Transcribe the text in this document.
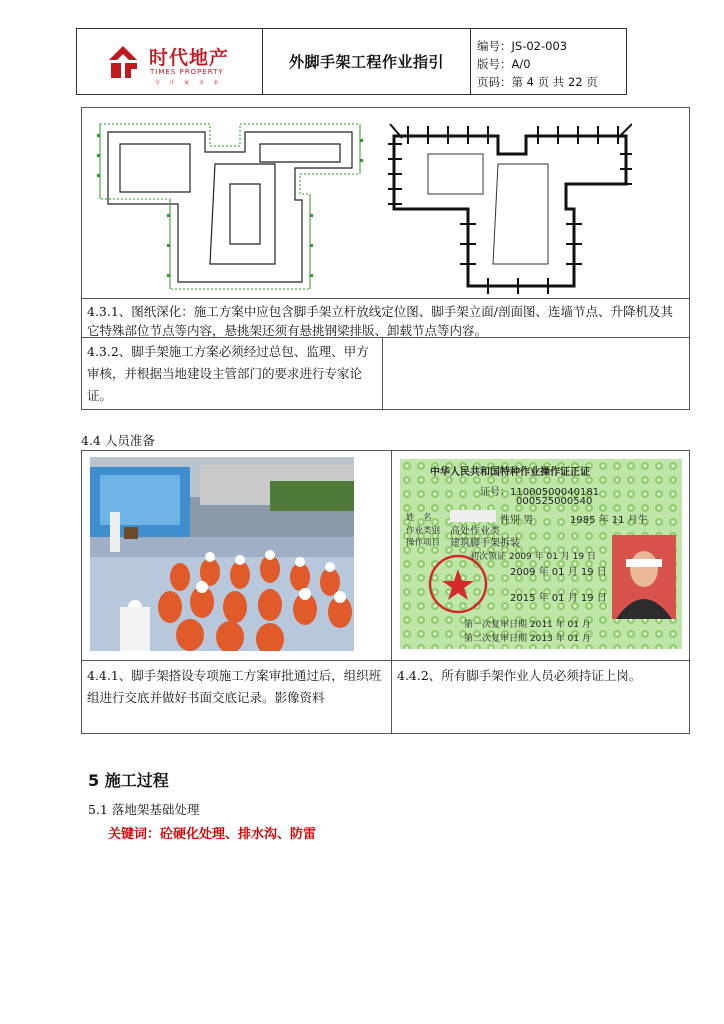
时代地产
TIMES PROPERTY
专 注 家 未 来
外脚手架工程作业指引
编号：JS-02-003
版号：A/0
页码：第 4 页 共 22 页
4.3.1、图纸深化：施工方案中应包含脚手架立杆放线定位图、脚手架立面/剖面图、连墙节点、升降机及其它特殊部位节点等内容，悬挑架还须有悬挑钢梁排版、卸载节点等内容。
4.3.2、脚手架施工方案必须经过总包、监理、甲方审核，并根据当地建设主管部门的要求进行专家论证。
4.4 人员准备
中华人民共和国特种作业操作证正证
证号：11000500040181
000525000540
姓　名	性别 男	1985 年 11 月生
作业类别 高处作业类
操作项目 建筑脚手架拆装
初次领证 2009 年 01 月 19 日
2009 年 01 月 19 日
2015 年 01 月 19 日
第一次复审日期 2011 年 01 月
第二次复审日期 2013 年 01 月
4.4.1、脚手架搭设专项施工方案审批通过后，组织班组进行交底并做好书面交底记录。影像资料
4.4.2、所有脚手架作业人员必须持证上岗。
5 施工过程
5.1 落地架基础处理
关键词：砼硬化处理、排水沟、防雷
